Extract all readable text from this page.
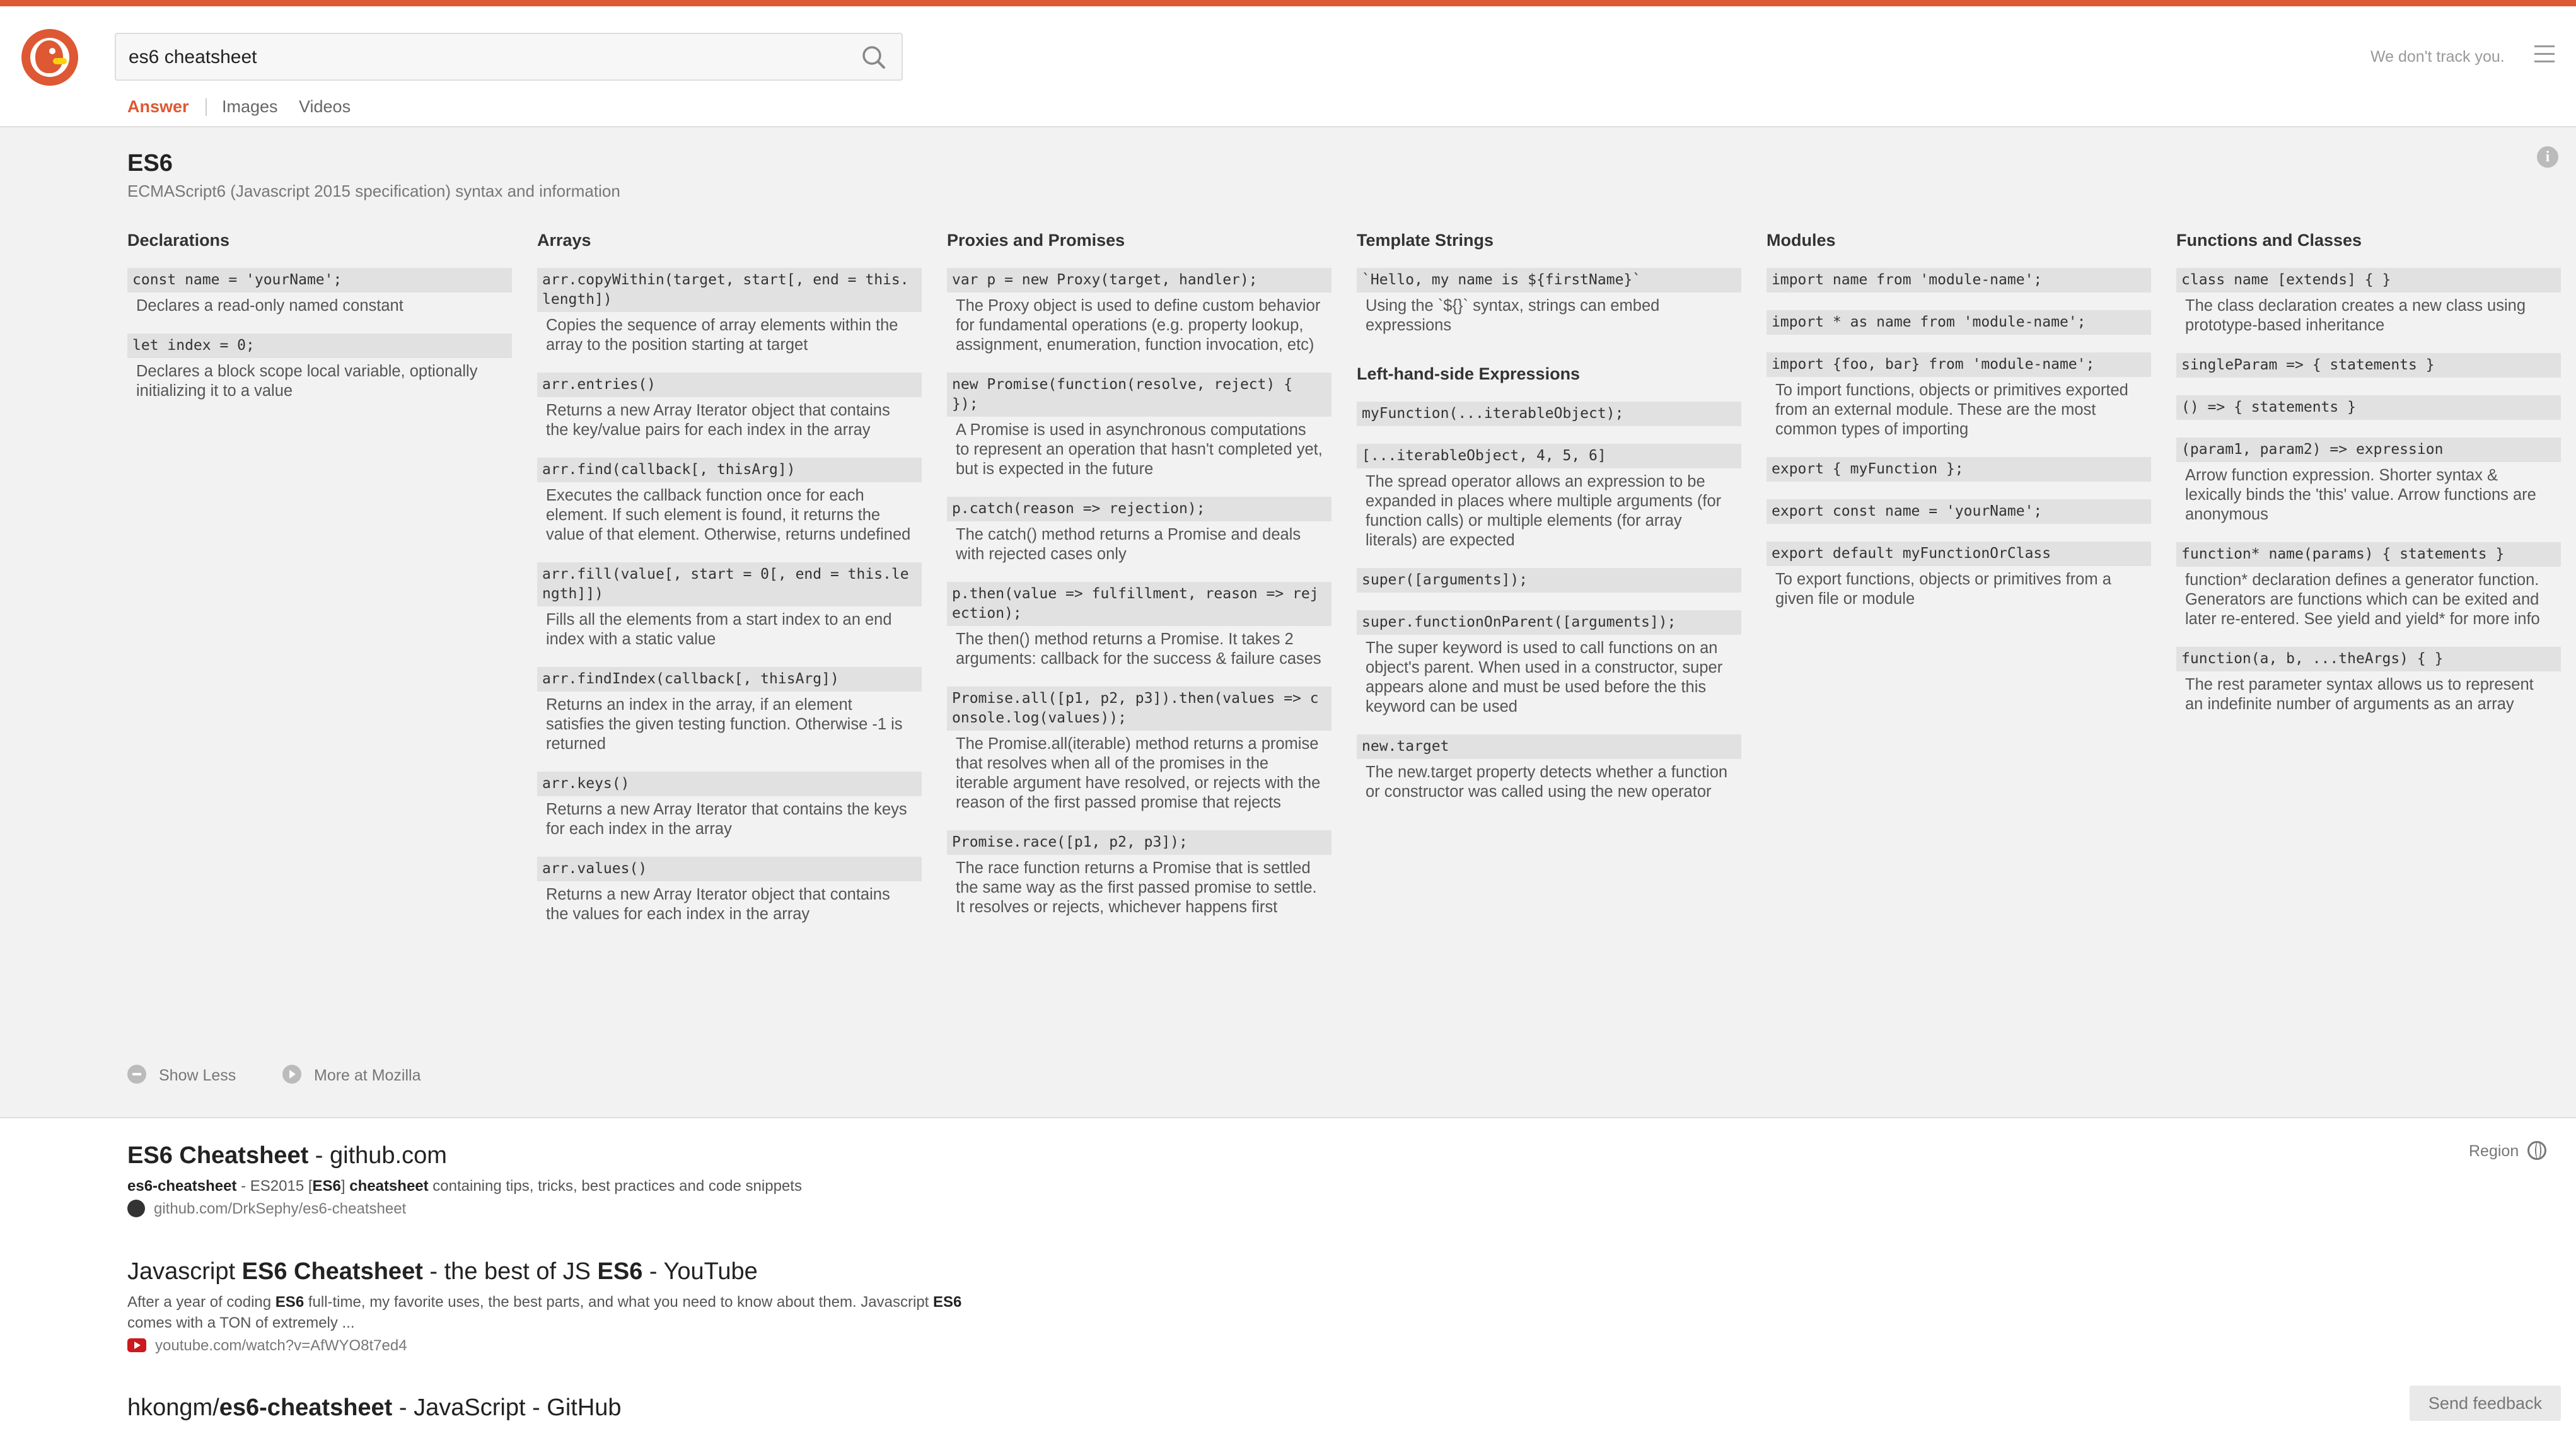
es6 cheatsheet
We don't track you.
Answer Images Videos
ES6
ECMAScript6 (Javascript 2015 specification) syntax and information
i
Declarations
const name = 'yourName';
Declares a read-only named constant
let index = 0;
Declares a block scope local variable, optionally initializing it to a value
Arrays
arr.copyWithin(target, start[, end = this.length])
Copies the sequence of array elements within the array to the position starting at target
arr.entries()
Returns a new Array Iterator object that contains the key/value pairs for each index in the array
arr.find(callback[, thisArg])
Executes the callback function once for each element. If such element is found, it returns the value of that element. Otherwise, returns undefined
arr.fill(value[, start = 0[, end = this.length]])
Fills all the elements from a start index to an end index with a static value
arr.findIndex(callback[, thisArg])
Returns an index in the array, if an element satisfies the given testing function. Otherwise -1 is returned
arr.keys()
Returns a new Array Iterator that contains the keys for each index in the array
arr.values()
Returns a new Array Iterator object that contains the values for each index in the array
Proxies and Promises
var p = new Proxy(target, handler);
The Proxy object is used to define custom behavior for fundamental operations (e.g. property lookup, assignment, enumeration, function invocation, etc)
new Promise(function(resolve, reject) { });
A Promise is used in asynchronous computations to represent an operation that hasn't completed yet, but is expected in the future
p.catch(reason => rejection);
The catch() method returns a Promise and deals with rejected cases only
p.then(value => fulfillment, reason => rejection);
The then() method returns a Promise. It takes 2 arguments: callback for the success & failure cases
Promise.all([p1, p2, p3]).then(values => console.log(values));
The Promise.all(iterable) method returns a promise that resolves when all of the promises in the iterable argument have resolved, or rejects with the reason of the first passed promise that rejects
Promise.race([p1, p2, p3]);
The race function returns a Promise that is settled the same way as the first passed promise to settle. It resolves or rejects, whichever happens first
Template Strings
`Hello, my name is ${firstName}`
Using the `${}` syntax, strings can embed expressions
Left-hand-side Expressions
myFunction(...iterableObject);
[...iterableObject, 4, 5, 6]
The spread operator allows an expression to be expanded in places where multiple arguments (for function calls) or multiple elements (for array literals) are expected
super([arguments]);
super.functionOnParent([arguments]);
The super keyword is used to call functions on an object's parent. When used in a constructor, super appears alone and must be used before the this keyword can be used
new.target
The new.target property detects whether a function or constructor was called using the new operator
Modules
import name from 'module-name';
import * as name from 'module-name';
import {foo, bar} from 'module-name';
To import functions, objects or primitives exported from an external module. These are the most common types of importing
export { myFunction };
export const name = 'yourName';
export default myFunctionOrClass
To export functions, objects or primitives from a given file or module
Functions and Classes
class name [extends] { }
The class declaration creates a new class using prototype-based inheritance
singleParam => { statements }
() => { statements }
(param1, param2) => expression
Arrow function expression. Shorter syntax & lexically binds the 'this' value. Arrow functions are anonymous
function* name(params) { statements }
function* declaration defines a generator function. Generators are functions which can be exited and later re-entered. See yield and yield* for more info
function(a, b, ...theArgs) { }
The rest parameter syntax allows us to represent an indefinite number of arguments as an array
Show Less	More at Mozilla
ES6 Cheatsheet - github.com
es6-cheatsheet - ES2015 [ES6] cheatsheet containing tips, tricks, best practices and code snippets
github.com/DrkSephy/es6-cheatsheet
Javascript ES6 Cheatsheet - the best of JS ES6 - YouTube
After a year of coding ES6 full-time, my favorite uses, the best parts, and what you need to know about them. Javascript ES6 comes with a TON of extremely ...
youtube.com/watch?v=AfWYO8t7ed4
hkongm/es6-cheatsheet - JavaScript - GitHub
Region
Send feedback
